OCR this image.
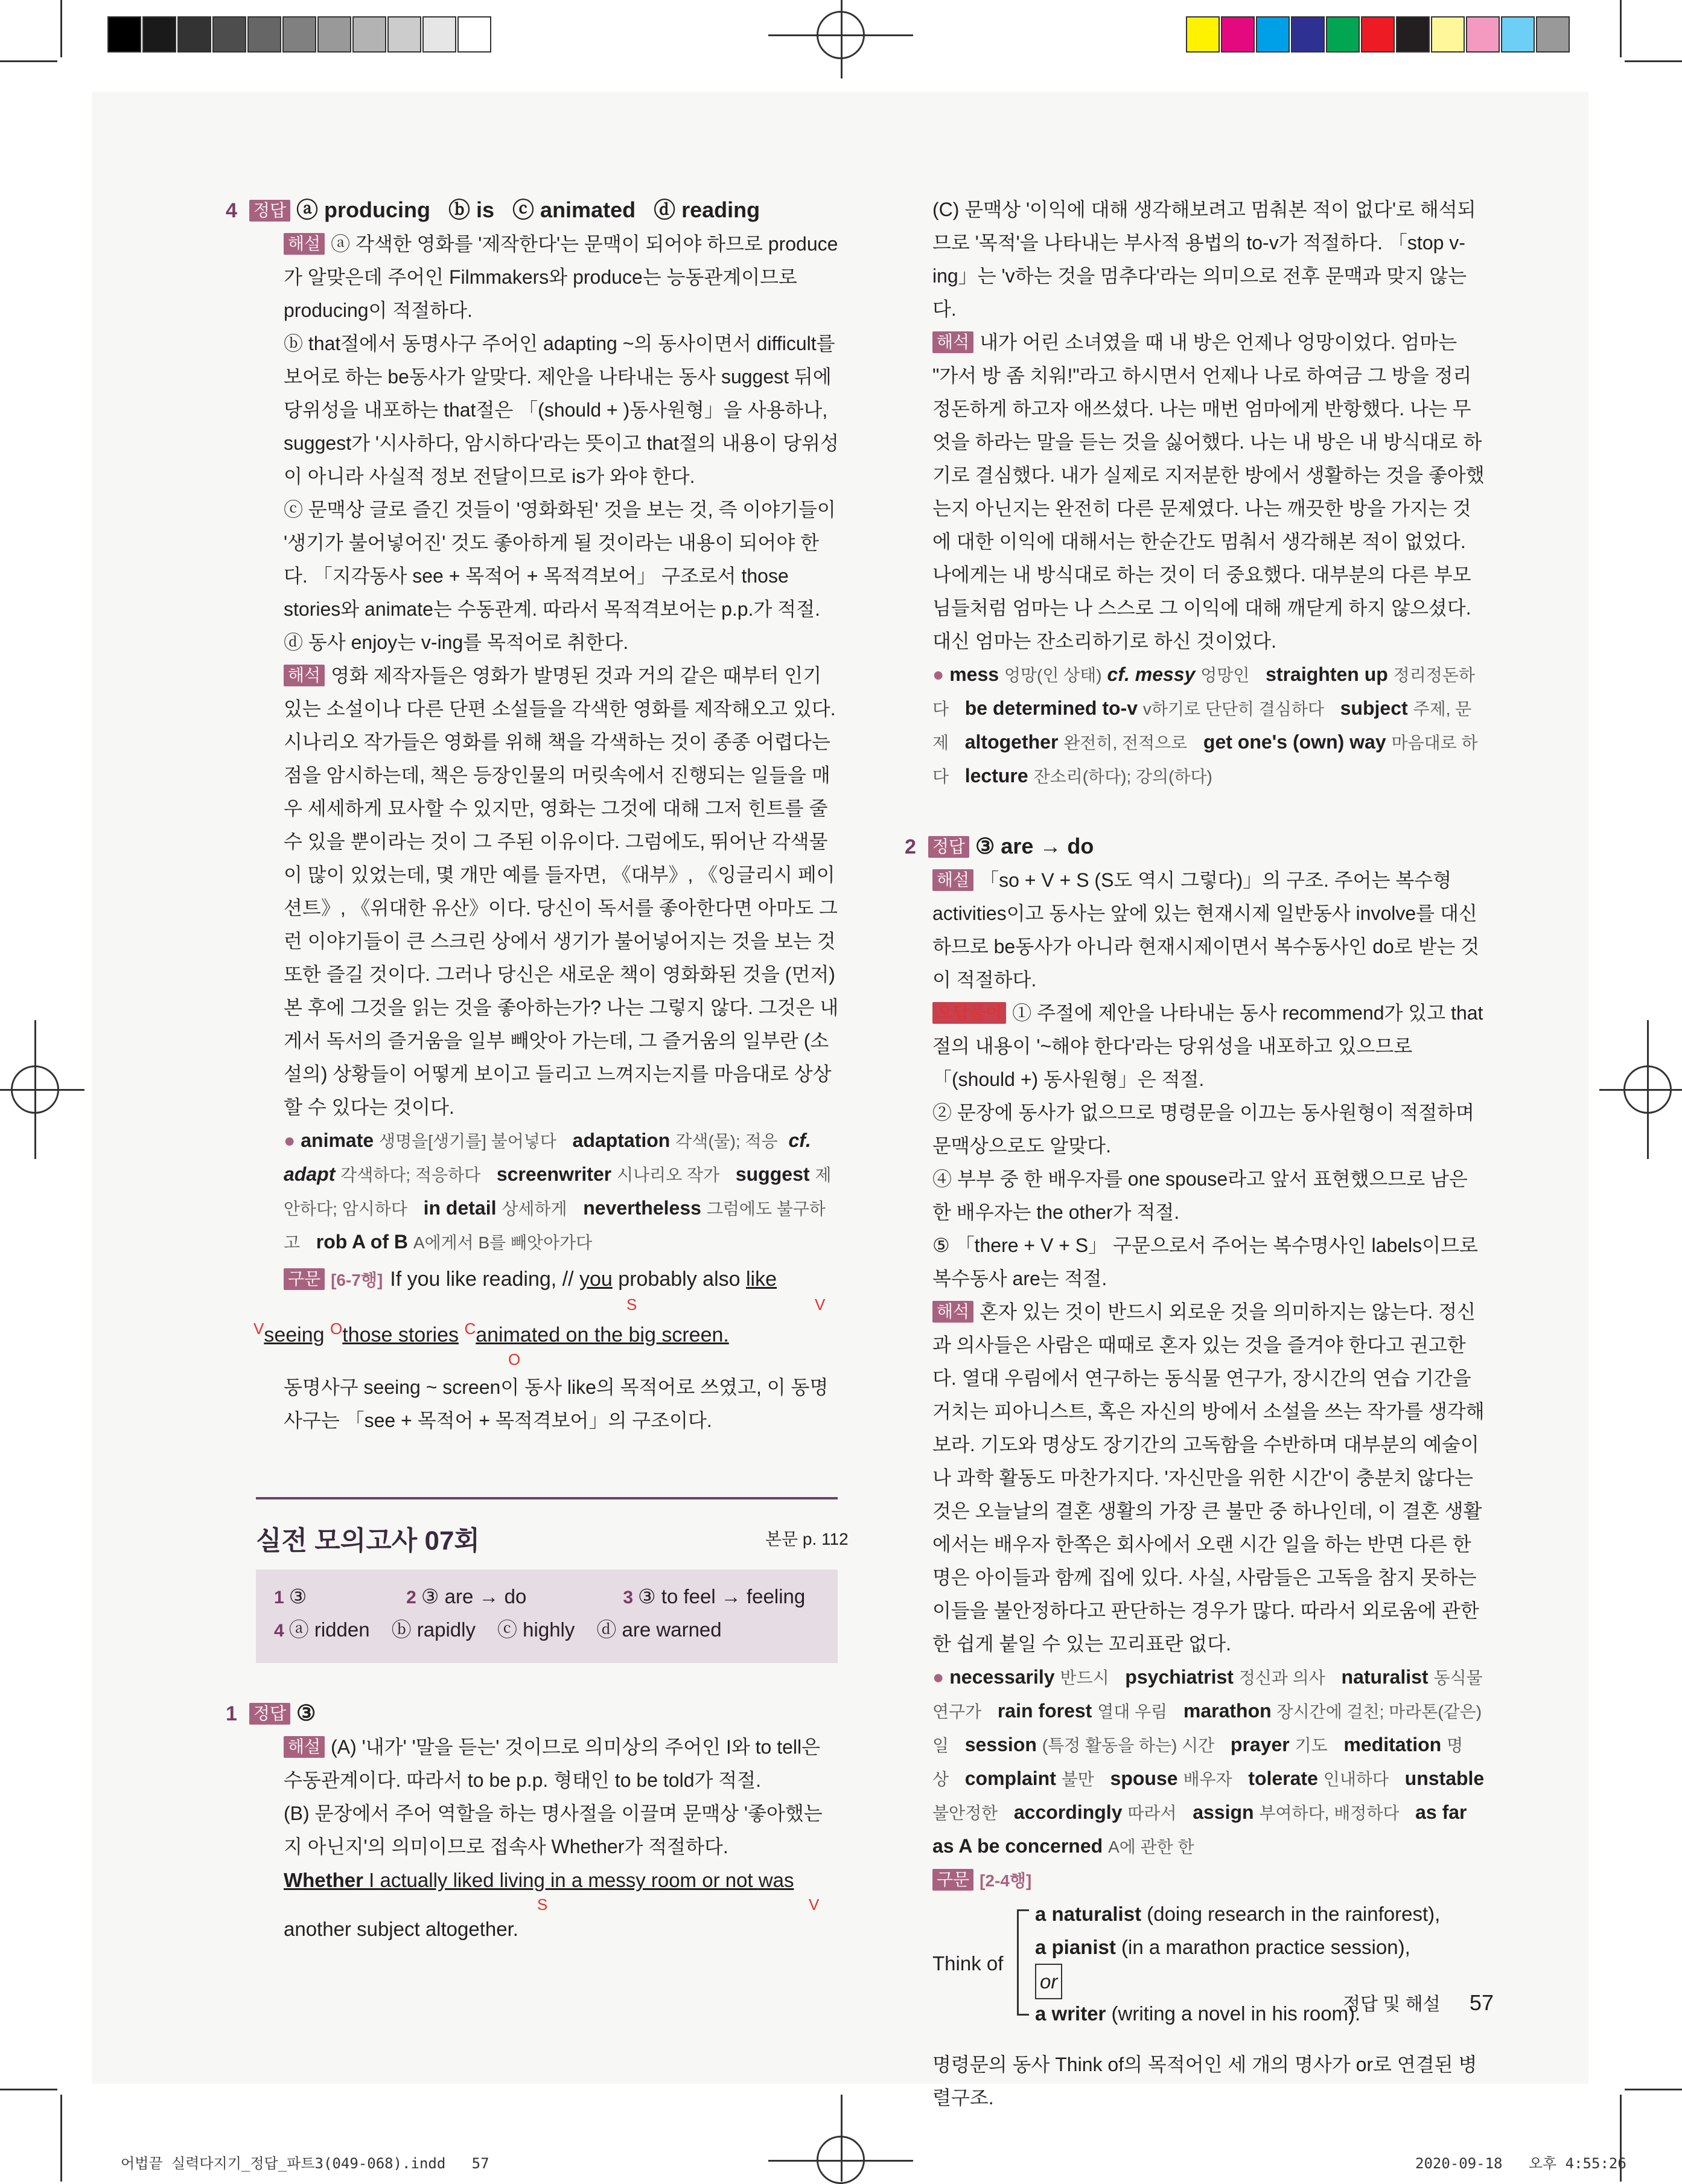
4 정답 ⓐ producing   ⓑ is   ⓒ animated   ⓓ reading

해설 ⓐ 각색한 영화를 '제작한다'는 문맥이 되어야 하므로 produce가 알맞은데 주어인 Filmmakers와 produce는 능동관계이므로 producing이 적절하다.

ⓑ that절에서 동명사구 주어인 adapting ~의 동사이면서 difficult를 보어로 하는 be동사가 알맞다. 제안을 나타내는 동사 suggest 뒤에 당위성을 내포하는 that절은 「(should + )동사원형」을 사용하나, suggest가 '시사하다, 암시하다'라는 뜻이고 that절의 내용이 당위성이 아니라 사실적 정보 전달이므로 is가 와야 한다.

ⓒ 문맥상 글로 즐긴 것들이 '영화화된' 것을 보는 것, 즉 이야기들이 '생기가 불어넣어진' 것도 좋아하게 될 것이라는 내용이 되어야 한다. 「지각동사 see + 목적어 + 목적격보어」 구조로서 those stories와 animate는 수동관계. 따라서 목적격보어는 p.p.가 적절.

ⓓ 동사 enjoy는 v-ing를 목적어로 취한다.

해석 영화 제작자들은 영화가 발명된 것과 거의 같은 때부터 인기 있는 소설이나 다른 단편 소설들을 각색한 영화를 제작해오고 있다. 시나리오 작가들은 영화를 위해 책을 각색하는 것이 종종 어렵다는 점을 암시하는데, 책은 등장인물의 머릿속에서 진행되는 일들을 매우 세세하게 묘사할 수 있지만, 영화는 그것에 대해 그저 힌트를 줄 수 있을 뿐이라는 것이 그 주된 이유이다. 그럼에도, 뛰어난 각색물이 많이 있었는데, 몇 개만 예를 들자면, 《대부》, 《잉글리시 페이션트》, 《위대한 유산》이다. 당신이 독서를 좋아한다면 아마도 그런 이야기들이 큰 스크린 상에서 생기가 불어넣어지는 것을 보는 것 또한 즐길 것이다. 그러나 당신은 새로운 책이 영화화된 것을 (먼저) 본 후에 그것을 읽는 것을 좋아하는가? 나는 그렇지 않다. 그것은 내게서 독서의 즐거움을 일부 빼앗아 가는데, 그 즐거움의 일부란 (소설의) 상황들이 어떻게 보이고 들리고 느껴지는지를 마음대로 상상할 수 있다는 것이다.

● animate 생명을[생기를] 불어넣다 adaptation 각색(물); 적응 cf. adapt 각색하다; 적응하다 screenwriter 시나리오 작가 suggest 제안하다; 암시하다 in detail 상세하게 nevertheless 그럼에도 불구하고 rob A of B A에게서 B를 빼앗아가다

구문 [6-7행] If you like reading, // you probably also like

S	V

$^V$seeing $^O$those stories $^C$animated on the big screen.

O

동명사구 seeing ~ screen이 동사 like의 목적어로 쓰였고, 이 동명사구는 「see + 목적어 + 목적격보어」의 구조이다.

실전 모의고사 07회	본문 p. 112
1 ③	2 ③ are → do	3 ③ to feel → feeling
4 ⓐ ridden ⓑ rapidly ⓒ highly ⓓ are warned

1 정답 ③

해설 (A) '내가' '말을 듣는' 것이므로 의미상의 주어인 I와 to tell은 수동관계이다. 따라서 to be p.p. 형태인 to be told가 적절.

(B) 문장에서 주어 역할을 하는 명사절을 이끌며 문맥상 '좋아했는지 아닌지'의 의미이므로 접속사 Whether가 적절하다.

Whether I actually liked living in a messy room or not was

S	V

another subject altogether.

(C) 문맥상 '이익에 대해 생각해보려고 멈춰본 적이 없다'로 해석되므로 '목적'을 나타내는 부사적 용법의 to-v가 적절하다. 「stop v-ing」는 'v하는 것을 멈추다'라는 의미으로 전후 문맥과 맞지 않는다.

해석 내가 어린 소녀였을 때 내 방은 언제나 엉망이었다. 엄마는 "가서 방 좀 치워!"라고 하시면서 언제나 나로 하여금 그 방을 정리정돈하게 하고자 애쓰셨다. 나는 매번 엄마에게 반항했다. 나는 무엇을 하라는 말을 듣는 것을 싫어했다. 나는 내 방은 내 방식대로 하기로 결심했다. 내가 실제로 지저분한 방에서 생활하는 것을 좋아했는지 아닌지는 완전히 다른 문제였다. 나는 깨끗한 방을 가지는 것에 대한 이익에 대해서는 한순간도 멈춰서 생각해본 적이 없었다. 나에게는 내 방식대로 하는 것이 더 중요했다. 대부분의 다른 부모님들처럼 엄마는 나 스스로 그 이익에 대해 깨닫게 하지 않으셨다. 대신 엄마는 잔소리하기로 하신 것이었다.

● mess 엉망(인 상태) cf. messy 엉망인 straighten up 정리정돈하다 be determined to-v v하기로 단단히 결심하다 subject 주제, 문제 altogether 완전히, 전적으로 get one's (own) way 마음대로 하다 lecture 잔소리(하다); 강의(하다)

2 정답 ③ are → do

해설 「so + V + S (S도 역시 그렇다)」의 구조. 주어는 복수형 activities이고 동사는 앞에 있는 현재시제 일반동사 involve를 대신하므로 be동사가 아니라 현재시제이면서 복수동사인 do로 받는 것이 적절하다.

오답풀이 ① 주절에 제안을 나타내는 동사 recommend가 있고 that절의 내용이 '~해야 한다'라는 당위성을 내포하고 있으므로 「(should +) 동사원형」은 적절.

② 문장에 동사가 없으므로 명령문을 이끄는 동사원형이 적절하며 문맥상으로도 알맞다.

④ 부부 중 한 배우자를 one spouse라고 앞서 표현했으므로 남은 한 배우자는 the other가 적절.

⑤ 「there + V + S」 구문으로서 주어는 복수명사인 labels이므로 복수동사 are는 적절.

해석 혼자 있는 것이 반드시 외로운 것을 의미하지는 않는다. 정신과 의사들은 사람은 때때로 혼자 있는 것을 즐겨야 한다고 권고한다. 열대 우림에서 연구하는 동식물 연구가, 장시간의 연습 기간을 거치는 피아니스트, 혹은 자신의 방에서 소설을 쓰는 작가를 생각해 보라. 기도와 명상도 장기간의 고독함을 수반하며 대부분의 예술이나 과학 활동도 마찬가지다. '자신만을 위한 시간'이 충분치 않다는 것은 오늘날의 결혼 생활의 가장 큰 불만 중 하나인데, 이 결혼 생활에서는 배우자 한쪽은 회사에서 오랜 시간 일을 하는 반면 다른 한 명은 아이들과 함께 집에 있다. 사실, 사람들은 고독을 참지 못하는 이들을 불안정하다고 판단하는 경우가 많다. 따라서 외로움에 관한 한 쉽게 붙일 수 있는 꼬리표란 없다.

● necessarily 반드시 psychiatrist 정신과 의사 naturalist 동식물 연구가 rain forest 열대 우림 marathon 장시간에 걸친; 마라톤(같은) 일 session (특정 활동을 하는) 시간 prayer 기도 meditation 명상 complaint 불만 spouse 배우자 tolerate 인내하다 unstable 불안정한 accordingly 따라서 assign 부여하다, 배정하다 as far as A be concerned A에 관한 한

구문 [2-4행]

Think of
a naturalist (doing research in the rainforest),
a pianist (in a marathon practice session),
or
a writer (writing a novel in his room).

명령문의 동사 Think of의 목적어인 세 개의 명사가 or로 연결된 병렬구조.

정답 및 해설 57
어법끝 실력다지기_정답_파트3(049-068).indd   57	2020-09-18   오후 4:55:26
